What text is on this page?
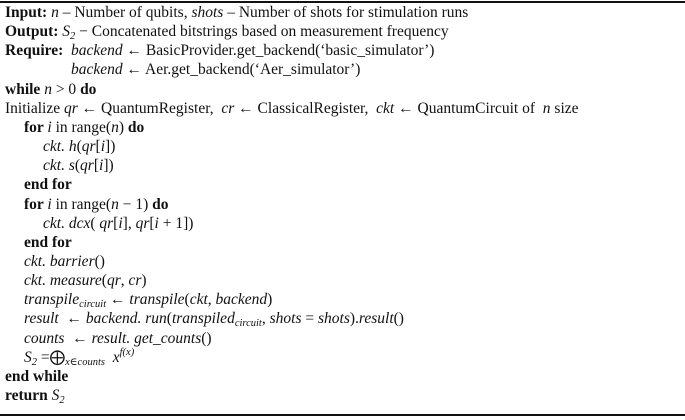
Input: n – Number of qubits, shots – Number of shots for stimulation runs
Output: $S_2$ − Concatenated bitstrings based on measurement frequency
Require:  backend ← BasicProvider.get_backend(‘basic_simulator’)
backend ← Aer.get_backend(‘Aer_simulator’)
while n > 0 do
Initialize qr ← QuantumRegister,  cr ← ClassicalRegister,  ckt ← QuantumCircuit of  n size
for i in range(n) do
ckt. h(qr[i])
ckt. s(qr[i])
end for
for i in range(n − 1) do
ckt. dcx( qr[i], qr[i + 1])
end for
ckt. barrier()
ckt. measure(qr, cr)
transpile$_{circuit}$ ← transpile(ckt, backend)
result  ← backend. run(transpiled$_{circuit}$, shots = shots).result()
counts  ← result. get_counts()
$S_2$ $=⨁_{x\in counts}$ $x^{f(x)}$
end while
return $S_2$
